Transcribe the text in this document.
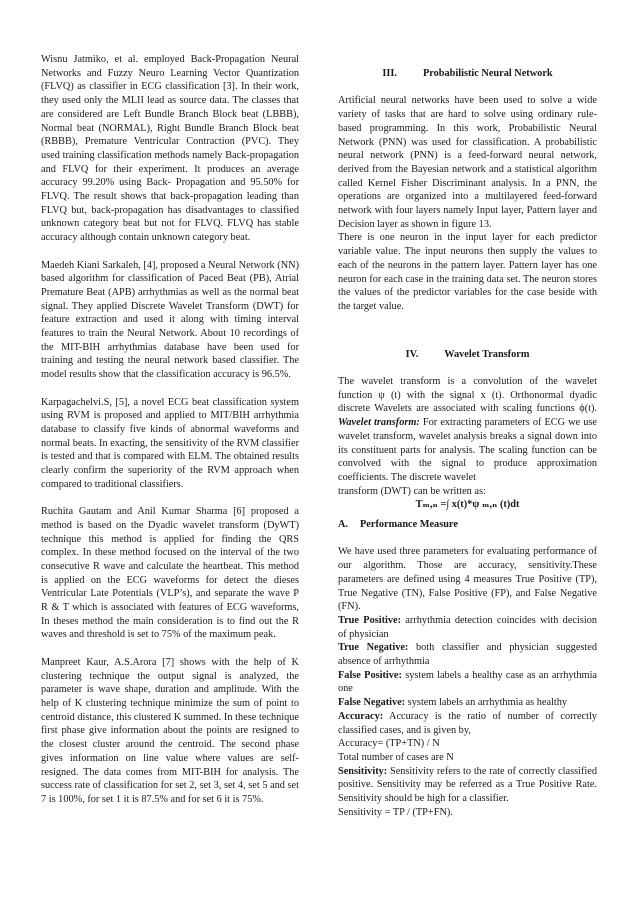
Wisnu Jatmiko, et al. employed Back-Propagation Neural Networks and Fuzzy Neuro Learning Vector Quantization (FLVQ) as classifier in ECG classification [3]. In their work, they used only the MLII lead as source data. The classes that are considered are Left Bundle Branch Block beat (LBBB), Normal beat (NORMAL), Right Bundle Branch Block beat (RBBB), Premature Ventricular Contraction (PVC). They used training classification methods namely Back-propagation and FLVQ for their experiment. It produces an average accuracy 99.20% using Back- Propagation and 95.50% for FLVQ. The result shows that back-propagation leading than FLVQ but, back-propagation has disadvantages to classified unknown category beat but not for FLVQ. FLVQ has stable accuracy although contain unknown category beat.

Maedeh Kiani Sarkaleh, [4], proposed a Neural Network (NN) based algorithm for classification of Paced Beat (PB), Atrial Premature Beat (APB) arrhythmias as well as the normal beat signal. They applied Discrete Wavelet Transform (DWT) for feature extraction and used it along with timing interval features to train the Neural Network. About 10 recordings of the MIT-BIH arrhythmias database have been used for training and testing the neural network based classifier. The model results show that the classification accuracy is 96.5%.

Karpagachelvi.S, [5], a novel ECG beat classification system using RVM is proposed and applied to MIT/BIH arrhythmia database to classify five kinds of abnormal waveforms and normal beats. In exacting, the sensitivity of the RVM classifier is tested and that is compared with ELM. The obtained results clearly confirm the superiority of the RVM approach when compared to traditional classifiers.

Ruchita Gautam and Anil Kumar Sharma [6] proposed a method is based on the Dyadic wavelet transform (DyWT) technique this method is applied for finding the QRS complex. In these method focused on the interval of the two consecutive R wave and calculate the heartbeat. This method is applied on the ECG waveforms for detect the dieses Ventricular Late Potentials (VLP’s), and separate the wave P R & T which is associated with features of ECG waveforms, In theses method the main consideration is to find out the R waves and threshold is set to 75% of the maximum peak.

Manpreet Kaur, A.S.Arora [7] shows with the help of K clustering technique the output signal is analyzed, the parameter is wave shape, duration and amplitude. With the help of K clustering technique minimize the sum of point to centroid distance, this clustered K summed. In these technique first phase give information about the points are resigned to the closest cluster around the centroid. The second phase gives information on line value where values are self-resigned. The data comes from MIT-BIH for analysis. The success rate of classification for set 2, set 3, set 4, set 5 and set 7 is 100%, for set 1 it is 87.5% and for set 6 it is 75%.

III.	Probabilistic Neural Network

Artificial neural networks have been used to solve a wide variety of tasks that are hard to solve using ordinary rule-based programming. In this work, Probabilistic Neural Network (PNN) was used for classification. A probabilistic neural network (PNN) is a feed-forward neural network, derived from the Bayesian network and a statistical algorithm called Kernel Fisher Discriminant analysis. In a PNN, the operations are organized into a multilayered feed-forward network with four layers namely Input layer, Pattern layer and Decision layer as shown in figure 13.

There is one neuron in the input layer for each predictor variable value. The input neurons then supply the values to each of the neurons in the pattern layer. Pattern layer has one neuron for each case in the training data set. The neuron stores the values of the predictor variables for the case beside with the target value.

IV.	Wavelet Transform

The wavelet transform is a convolution of the wavelet function ψ (t) with the signal x (t). Orthonormal dyadic discrete Wavelets are associated with scaling functions ϕ(t). Wavelet transform: For extracting parameters of ECG we use wavelet transform, wavelet analysis breaks a signal down into its constituent parts for analysis. The scaling function can be convolved with the signal to produce approximation coefficients. The discrete wavelet

transform (DWT) can be written as:

Tₘ,ₙ =∫ x(t)*ψ ₘ,ₙ (t)dt

A. Performance Measure

We have used three parameters for evaluating performance of our algorithm. Those are accuracy, sensitivity.These parameters are defined using 4 measures True Positive (TP), True Negative (TN), False Positive (FP), and False Negative (FN).

True Positive: arrhythmia detection coincides with decision of physician

True Negative: both classifier and physician suggested absence of arrhythmia

False Positive: system labels a healthy case as an arrhythmia one

False Negative: system labels an arrhythmia as healthy

Accuracy: Accuracy is the ratio of number of correctly classified cases, and is given by,

Accuracy= (TP+TN) / N

Total number of cases are N

Sensitivity: Sensitivity refers to the rate of correctly classified positive. Sensitivity may be referred as a True Positive Rate. Sensitivity should be high for a classifier.

Sensitivity = TP / (TP+FN).
